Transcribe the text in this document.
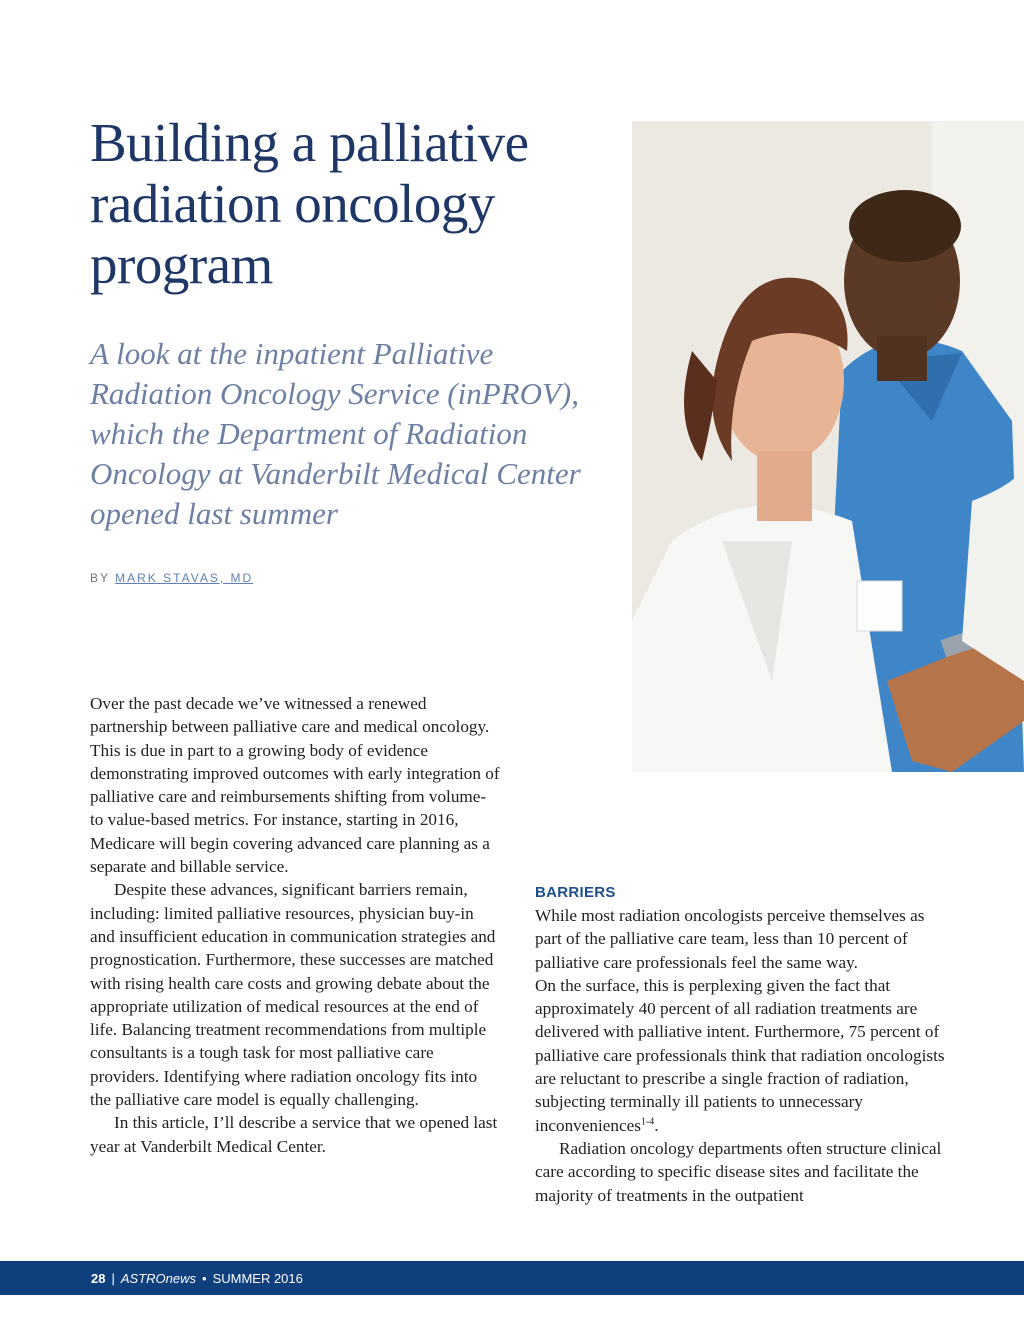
Building a palliative radiation oncology program
A look at the inpatient Palliative Radiation Oncology Service (inPROV), which the Department of Radiation Oncology at Vanderbilt Medical Center opened last summer
BY MARK STAVAS, MD

Over the past decade we’ve witnessed a renewed partnership between palliative care and medical oncology. This is due in part to a growing body of evidence demonstrating improved outcomes with early integration of palliative care and reimbursements shifting from volume- to value-based metrics. For instance, starting in 2016, Medicare will begin covering advanced care planning as a separate and billable service.

Despite these advances, significant barriers remain, including: limited palliative resources, physician buy-in and insufficient education in communication strategies and prognostication. Furthermore, these successes are matched with rising health care costs and growing debate about the appropriate utilization of medical resources at the end of life. Balancing treatment recommendations from multiple consultants is a tough task for most palliative care providers. Identifying where radiation oncology fits into the palliative care model is equally challenging.

In this article, I’ll describe a service that we opened last year at Vanderbilt Medical Center.

BARRIERS

While most radiation oncologists perceive themselves as part of the palliative care team, less than 10 percent of palliative care professionals feel the same way.

On the surface, this is perplexing given the fact that approximately 40 percent of all radiation treatments are delivered with palliative intent. Furthermore, 75 percent of palliative care professionals think that radiation oncologists are reluctant to prescribe a single fraction of radiation, subjecting terminally ill patients to unnecessary inconveniences$^{1-4}$.

Radiation oncology departments often structure clinical care according to specific disease sites and facilitate the majority of treatments in the outpatient

28 | ASTROnews • SUMMER 2016
